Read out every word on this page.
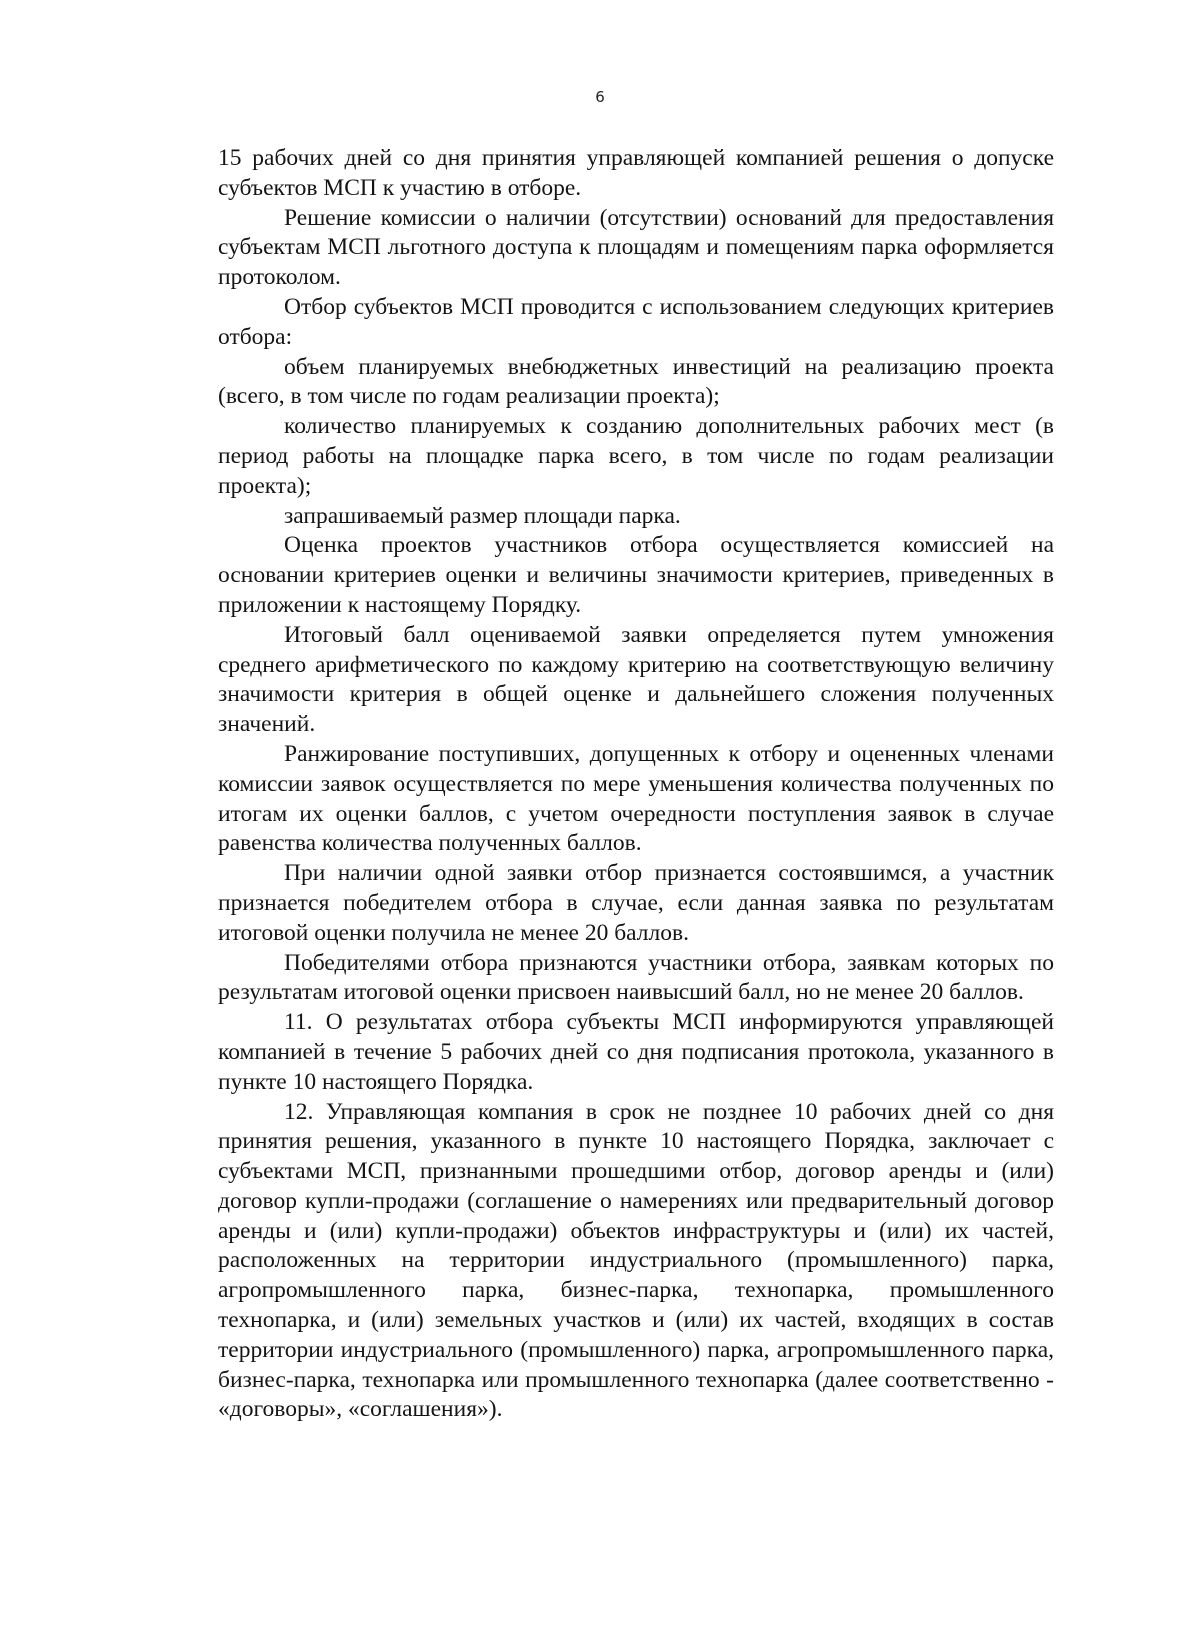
6

15 рабочих дней со дня принятия управляющей компанией решения о допуске субъектов МСП к участию в отборе.

Решение комиссии о наличии (отсутствии) оснований для предоставления субъектам МСП льготного доступа к площадям и помещениям парка оформляется протоколом.

Отбор субъектов МСП проводится с использованием следующих критериев отбора:

объем планируемых внебюджетных инвестиций на реализацию проекта (всего, в том числе по годам реализации проекта);

количество планируемых к созданию дополнительных рабочих мест (в период работы на площадке парка всего, в том числе по годам реализации проекта);

запрашиваемый размер площади парка.

Оценка проектов участников отбора осуществляется комиссией на основании критериев оценки и величины значимости критериев, приведенных в приложении к настоящему Порядку.

Итоговый балл оцениваемой заявки определяется путем умножения среднего арифметического по каждому критерию на соответствующую величину значимости критерия в общей оценке и дальнейшего сложения полученных значений.

Ранжирование поступивших, допущенных к отбору и оцененных членами комиссии заявок осуществляется по мере уменьшения количества полученных по итогам их оценки баллов, с учетом очередности поступления заявок в случае равенства количества полученных баллов.

При наличии одной заявки отбор признается состоявшимся, а участник признается победителем отбора в случае, если данная заявка по результатам итоговой оценки получила не менее 20 баллов.

Победителями отбора признаются участники отбора, заявкам которых по результатам итоговой оценки присвоен наивысший балл, но не менее 20 баллов.

11. О результатах отбора субъекты МСП информируются управляющей компанией в течение 5 рабочих дней со дня подписания протокола, указанного в пункте 10 настоящего Порядка.

12. Управляющая компания в срок не позднее 10 рабочих дней со дня принятия решения, указанного в пункте 10 настоящего Порядка, заключает с субъектами МСП, признанными прошедшими отбор, договор аренды и (или) договор купли-продажи (соглашение о намерениях или предварительный договор аренды и (или) купли-продажи) объектов инфраструктуры и (или) их частей, расположенных на территории индустриального (промышленного) парка, агропромышленного парка, бизнес-парка, технопарка, промышленного технопарка, и (или) земельных участков и (или) их частей, входящих в состав территории индустриального (промышленного) парка, агропромышленного парка, бизнес-парка, технопарка или промышленного технопарка (далее соответственно - «договоры», «соглашения»).
